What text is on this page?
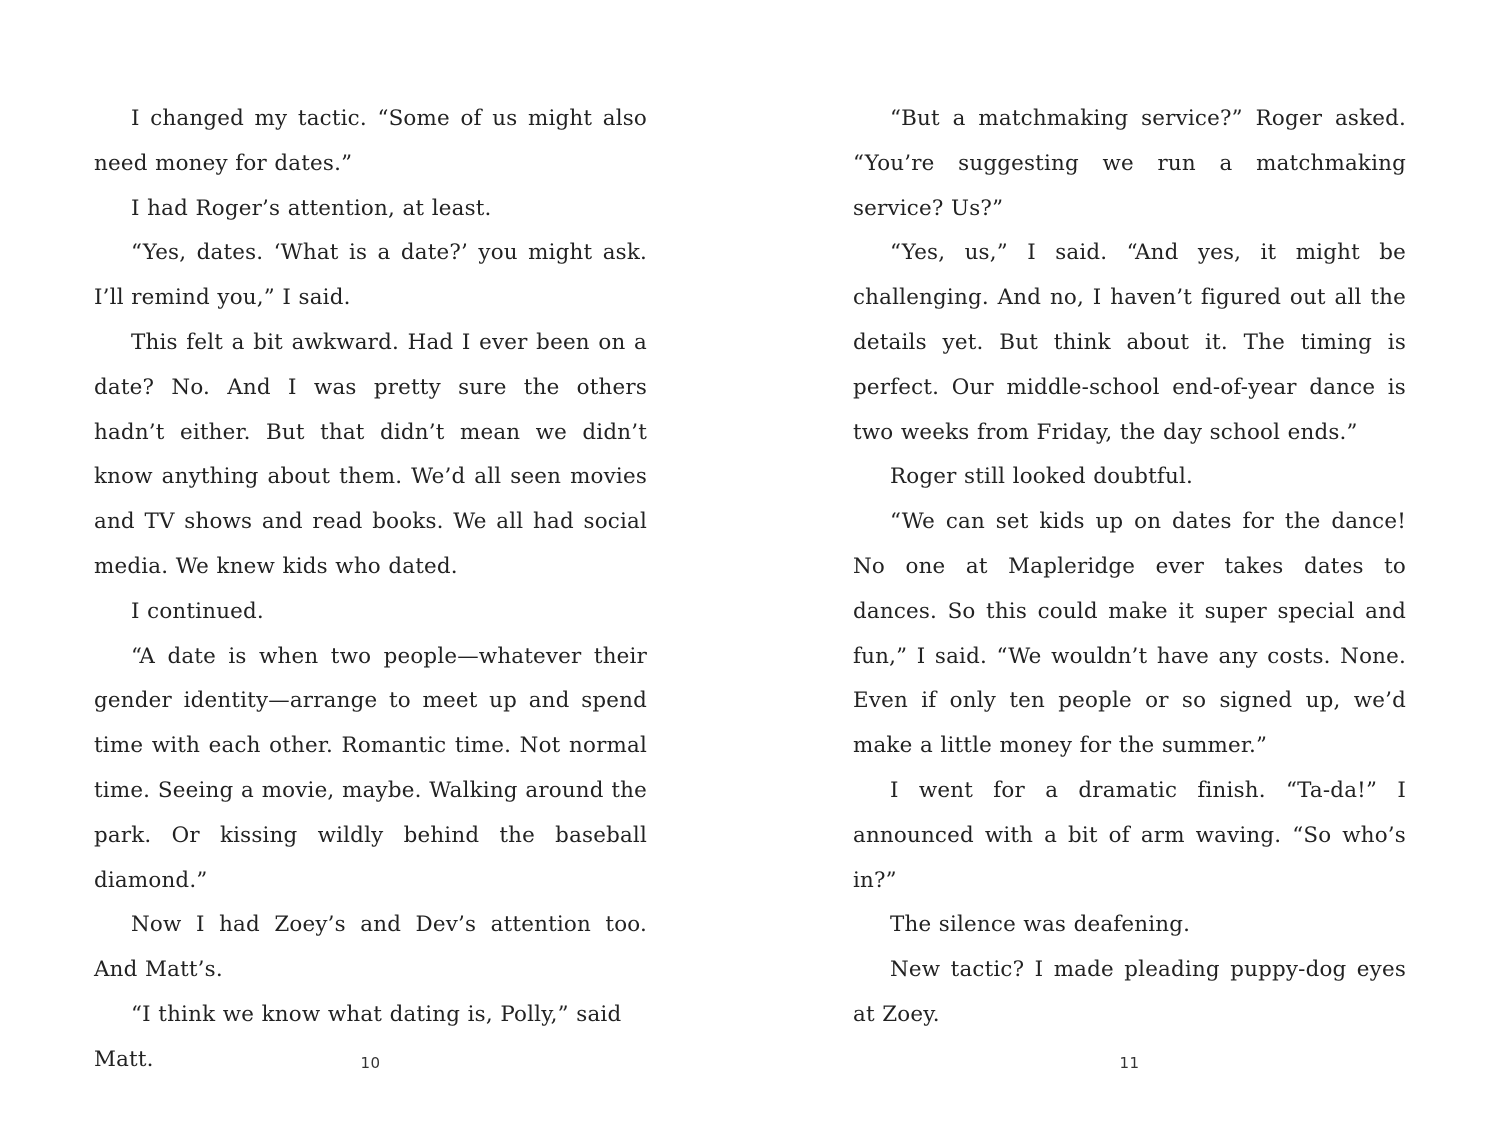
I changed my tactic. “Some of us might also need money for dates.”

I had Roger’s attention, at least.

“Yes, dates. ‘What is a date?’ you might ask. I’ll remind you,” I said.

This felt a bit awkward. Had I ever been on a date? No. And I was pretty sure the others hadn’t either. But that didn’t mean we didn’t know anything about them. We’d all seen movies and TV shows and read books. We all had social media. We knew kids who dated.

I continued.

“A date is when two people—whatever their gender identity—arrange to meet up and spend time with each other. Romantic time. Not normal time. Seeing a movie, maybe. Walking around the park. Or kissing wildly behind the baseball diamond.”

Now I had Zoey’s and Dev’s attention too. And Matt’s.

“I think we know what dating is, Polly,” said Matt.

“But a matchmaking service?” Roger asked. “You’re suggesting we run a matchmaking service? Us?”

“Yes, us,” I said. “And yes, it might be challenging. And no, I haven’t figured out all the details yet. But think about it. The timing is perfect. Our middle-school end-of-year dance is two weeks from Friday, the day school ends.”

Roger still looked doubtful.

“We can set kids up on dates for the dance! No one at Mapleridge ever takes dates to dances. So this could make it super special and fun,” I said. “We wouldn’t have any costs. None. Even if only ten people or so signed up, we’d make a little money for the summer.”

I went for a dramatic finish. “Ta-da!” I announced with a bit of arm waving. “So who’s in?”

The silence was deafening.

New tactic? I made pleading puppy-dog eyes at Zoey.

10	11
